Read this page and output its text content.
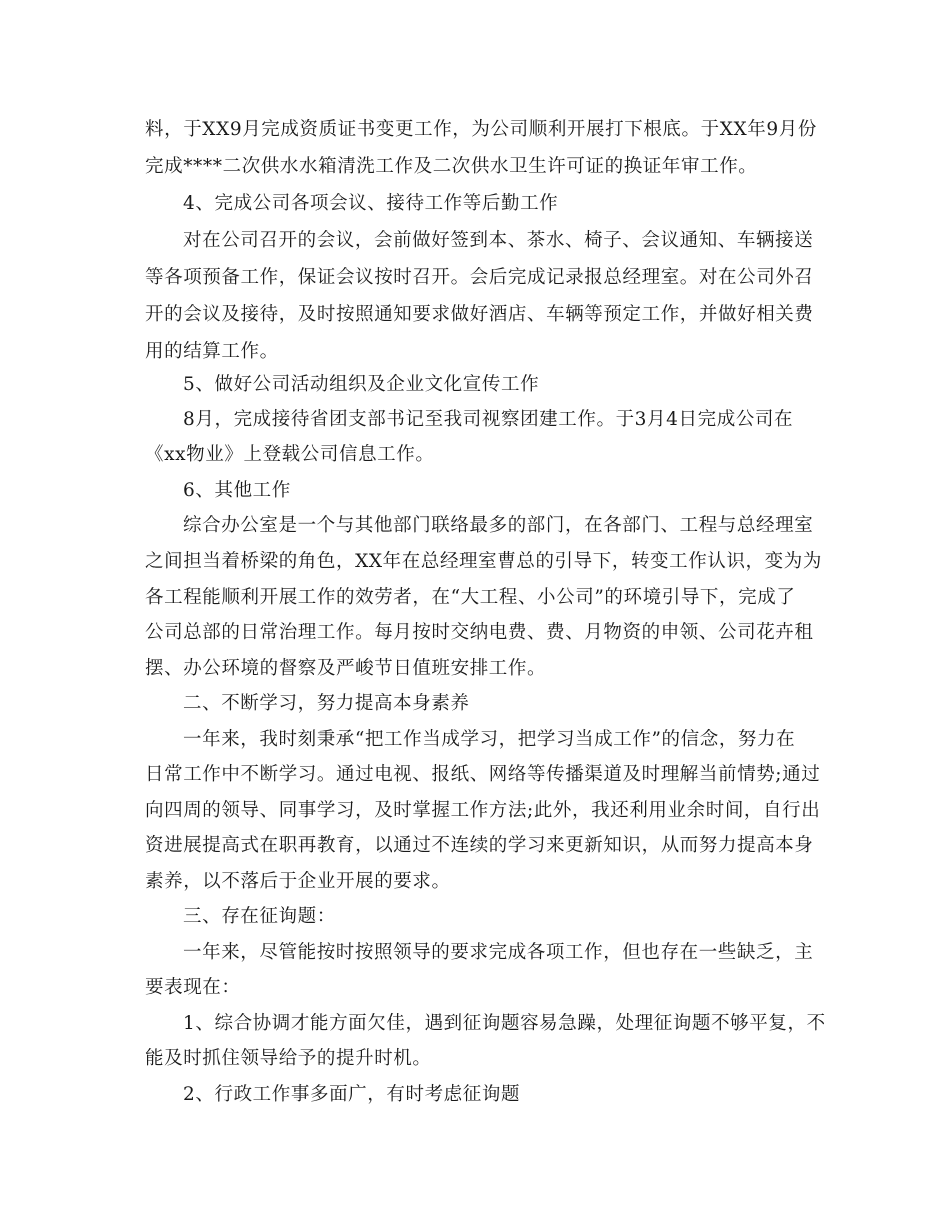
料，于XX9月完成资质证书变更工作，为公司顺利开展打下根底。于XX年9月份
完成****二次供水水箱清洗工作及二次供水卫生许可证的换证年审工作。
4、完成公司各项会议、接待工作等后勤工作
对在公司召开的会议，会前做好签到本、茶水、椅子、会议通知、车辆接送
等各项预备工作，保证会议按时召开。会后完成记录报总经理室。对在公司外召
开的会议及接待，及时按照通知要求做好酒店、车辆等预定工作，并做好相关费
用的结算工作。
5、做好公司活动组织及企业文化宣传工作
8月，完成接待省团支部书记至我司视察团建工作。于3月4日完成公司在
《xx物业》上登载公司信息工作。
6、其他工作
综合办公室是一个与其他部门联络最多的部门，在各部门、工程与总经理室
之间担当着桥梁的角色，XX年在总经理室曹总的引导下，转变工作认识，变为为
各工程能顺利开展工作的效劳者，在“大工程、小公司”的环境引导下，完成了
公司总部的日常治理工作。每月按时交纳电费、费、月物资的申领、公司花卉租
摆、办公环境的督察及严峻节日值班安排工作。
二、不断学习，努力提高本身素养
一年来，我时刻秉承“把工作当成学习，把学习当成工作”的信念，努力在
日常工作中不断学习。通过电视、报纸、网络等传播渠道及时理解当前情势;通过
向四周的领导、同事学习，及时掌握工作方法;此外，我还利用业余时间，自行出
资进展提高式在职再教育，以通过不连续的学习来更新知识，从而努力提高本身
素养，以不落后于企业开展的要求。
三、存在征询题：
一年来，尽管能按时按照领导的要求完成各项工作，但也存在一些缺乏，主
要表现在：
1、综合协调才能方面欠佳，遇到征询题容易急躁，处理征询题不够平复，不
能及时抓住领导给予的提升时机。
2、行政工作事多面广，有时考虑征询题
